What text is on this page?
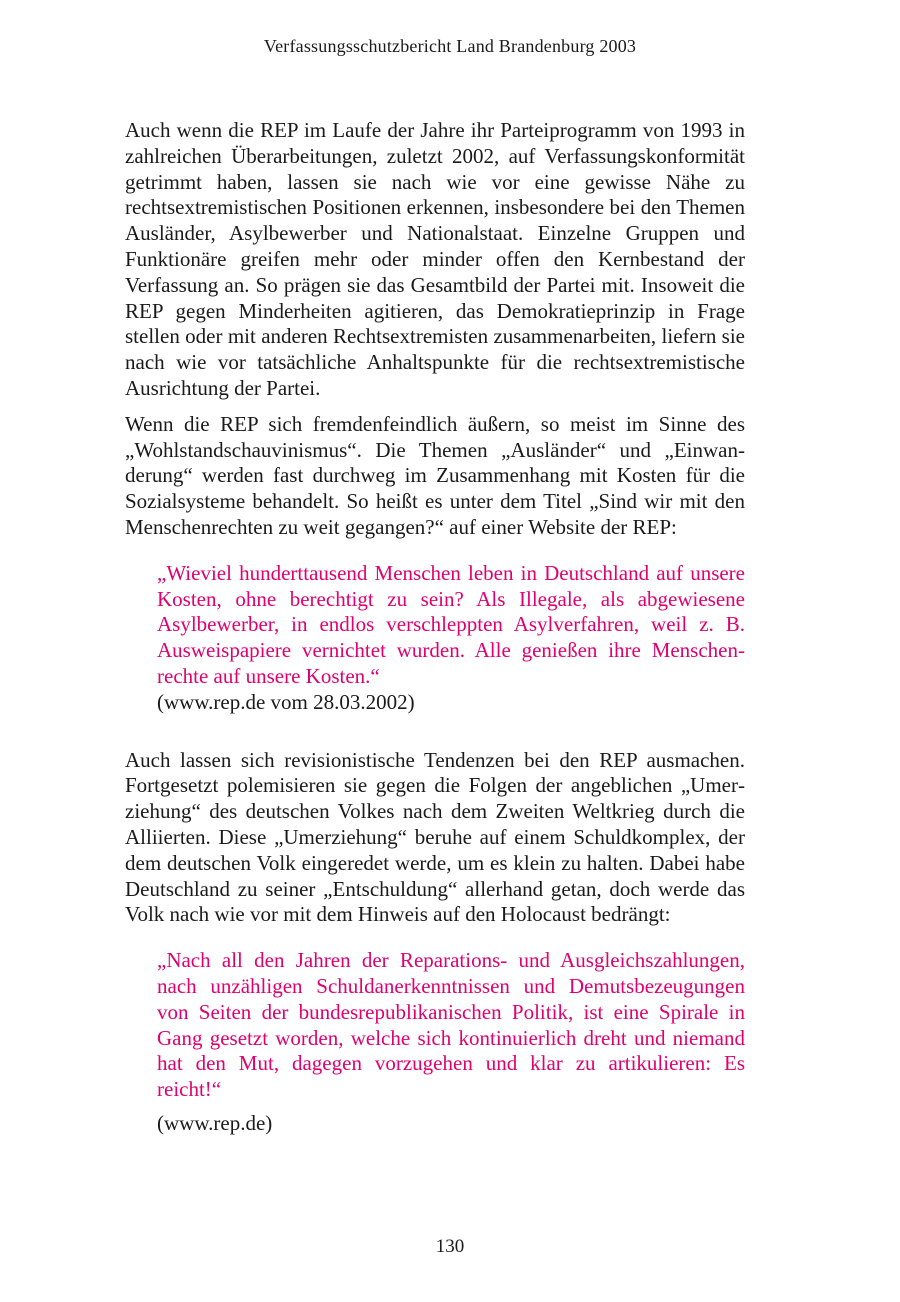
Verfassungsschutzbericht Land Brandenburg 2003

Auch wenn die REP im Laufe der Jahre ihr Parteiprogramm von 1993 in zahlreichen Überarbeitungen, zuletzt 2002, auf Verfassungskonformität getrimmt haben, lassen sie nach wie vor eine gewisse Nähe zu rechtsextremistischen Positionen erkennen, insbesondere bei den Themen Ausländer, Asylbewerber und Nationalstaat. Einzelne Gruppen und Funktionäre greifen mehr oder minder offen den Kernbestand der Verfassung an. So prägen sie das Gesamtbild der Partei mit. Insoweit die REP gegen Minderheiten agitieren, das Demokratieprinzip in Frage stellen oder mit anderen Rechtsextremisten zusammenarbeiten, liefern sie nach wie vor tatsächliche Anhaltspunkte für die rechtsextremistische Ausrichtung der Partei.

Wenn die REP sich fremdenfeindlich äußern, so meist im Sinne des „Wohlstandschauvinismus“. Die Themen „Ausländer“ und „Einwanderung“ werden fast durchweg im Zusammenhang mit Kosten für die Sozialsysteme behandelt. So heißt es unter dem Titel „Sind wir mit den Menschenrechten zu weit gegangen?“ auf einer Website der REP:

„Wieviel hunderttausend Menschen leben in Deutschland auf unsere Kosten, ohne berechtigt zu sein? Als Illegale, als abgewiesene Asylbewerber, in endlos verschleppten Asylverfahren, weil z. B. Ausweispapiere vernichtet wurden. Alle genießen ihre Menschenrechte auf unsere Kosten.“

(www.rep.de vom 28.03.2002)

Auch lassen sich revisionistische Tendenzen bei den REP ausmachen. Fortgesetzt polemisieren sie gegen die Folgen der angeblichen „Umerziehung“ des deutschen Volkes nach dem Zweiten Weltkrieg durch die Alliierten. Diese „Umerziehung“ beruhe auf einem Schuldkomplex, der dem deutschen Volk eingeredet werde, um es klein zu halten. Dabei habe Deutschland zu seiner „Entschuldung“ allerhand getan, doch werde das Volk nach wie vor mit dem Hinweis auf den Holocaust bedrängt:

„Nach all den Jahren der Reparations- und Ausgleichszahlungen, nach unzähligen Schuldanerkenntnissen und Demutsbezeugungen von Seiten der bundesrepublikanischen Politik, ist eine Spirale in Gang gesetzt worden, welche sich kontinuierlich dreht und niemand hat den Mut, dagegen vorzugehen und klar zu artikulieren: Es reicht!“

(www.rep.de)

130
